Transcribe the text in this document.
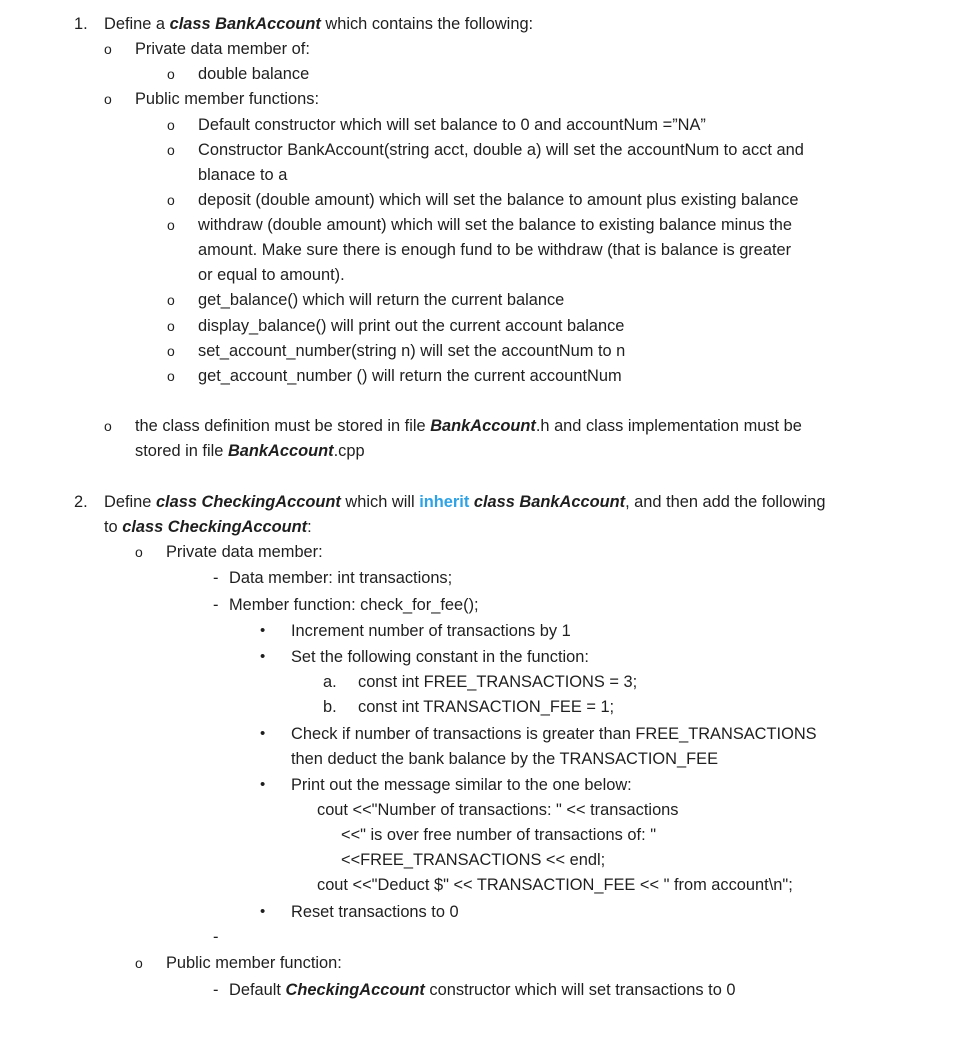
1. Define a class BankAccount which contains the following:
o Private data member of:
o double balance
o Public member functions:
o Default constructor which will set balance to 0 and accountNum =”NA”
o Constructor BankAccount(string acct, double a) will set the accountNum to acct and
blanace to a
o deposit (double amount) which will set the balance to amount plus existing balance
o withdraw (double amount) which will set the balance to existing balance minus the
amount. Make sure there is enough fund to be withdraw (that is balance is greater
or equal to amount).
o get_balance() which will return the current balance
o display_balance() will print out the current account balance
o set_account_number(string n) will set the accountNum to n
o get_account_number () will return the current accountNum
o the class definition must be stored in file BankAccount.h and class implementation must be
stored in file BankAccount.cpp
2. Define class CheckingAccount which will inherit class BankAccount, and then add the following
to class CheckingAccount:
o Private data member:
- Data member: int transactions;
- Member function: check_for_fee();
• Increment number of transactions by 1
• Set the following constant in the function:
a. const int FREE_TRANSACTIONS = 3;
b. const int TRANSACTION_FEE = 1;
• Check if number of transactions is greater than FREE_TRANSACTIONS
then deduct the bank balance by the TRANSACTION_FEE
• Print out the message similar to the one below:
cout <<"Number of transactions: " << transactions
<<" is over free number of transactions of: "
<<FREE_TRANSACTIONS << endl;
cout <<"Deduct $" << TRANSACTION_FEE << " from account\n";
• Reset transactions to 0
-
o Public member function:
- Default CheckingAccount constructor which will set transactions to 0
